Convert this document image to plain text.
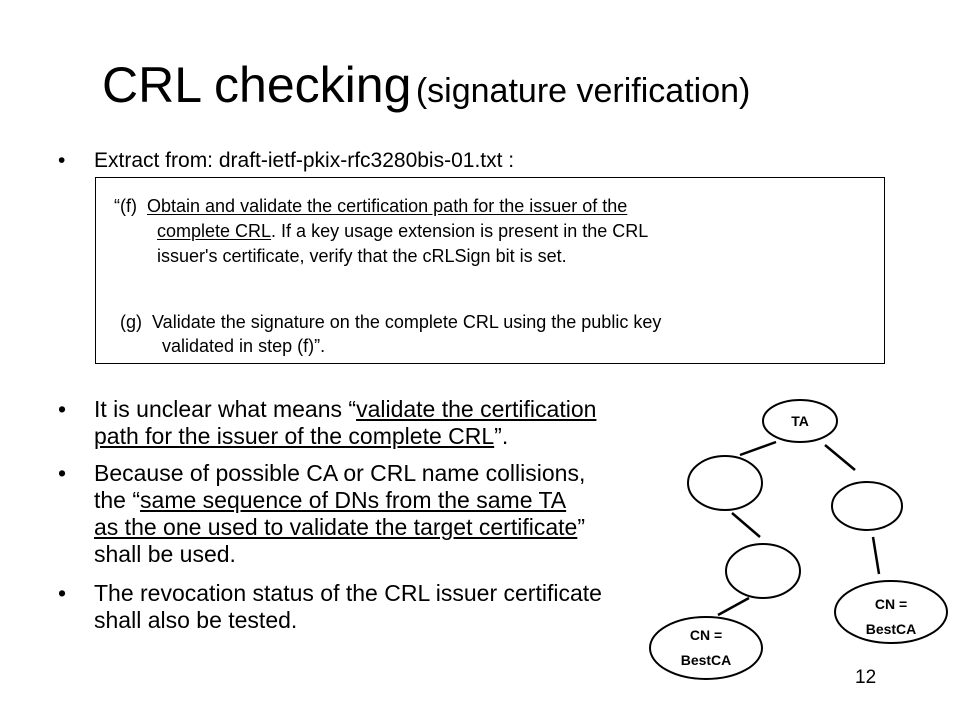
CRL checking (signature verification)
• Extract from: draft-ietf-pkix-rfc3280bis-01.txt :
“(f) Obtain and validate the certification path for the issuer of the
complete CRL. If a key usage extension is present in the CRL
issuer's certificate, verify that the cRLSign bit is set.
(g) Validate the signature on the complete CRL using the public key
validated in step (f)”.
• It is unclear what means “validate the certification
path for the issuer of the complete CRL”.
• Because of possible CA or CRL name collisions,
the “same sequence of DNs from the same TA
as the one used to validate the target certificate”
shall be used.
• The revocation status of the CRL issuer certificate
shall also be tested.
TA
CN =
BestCA
CN =
BestCA
12
